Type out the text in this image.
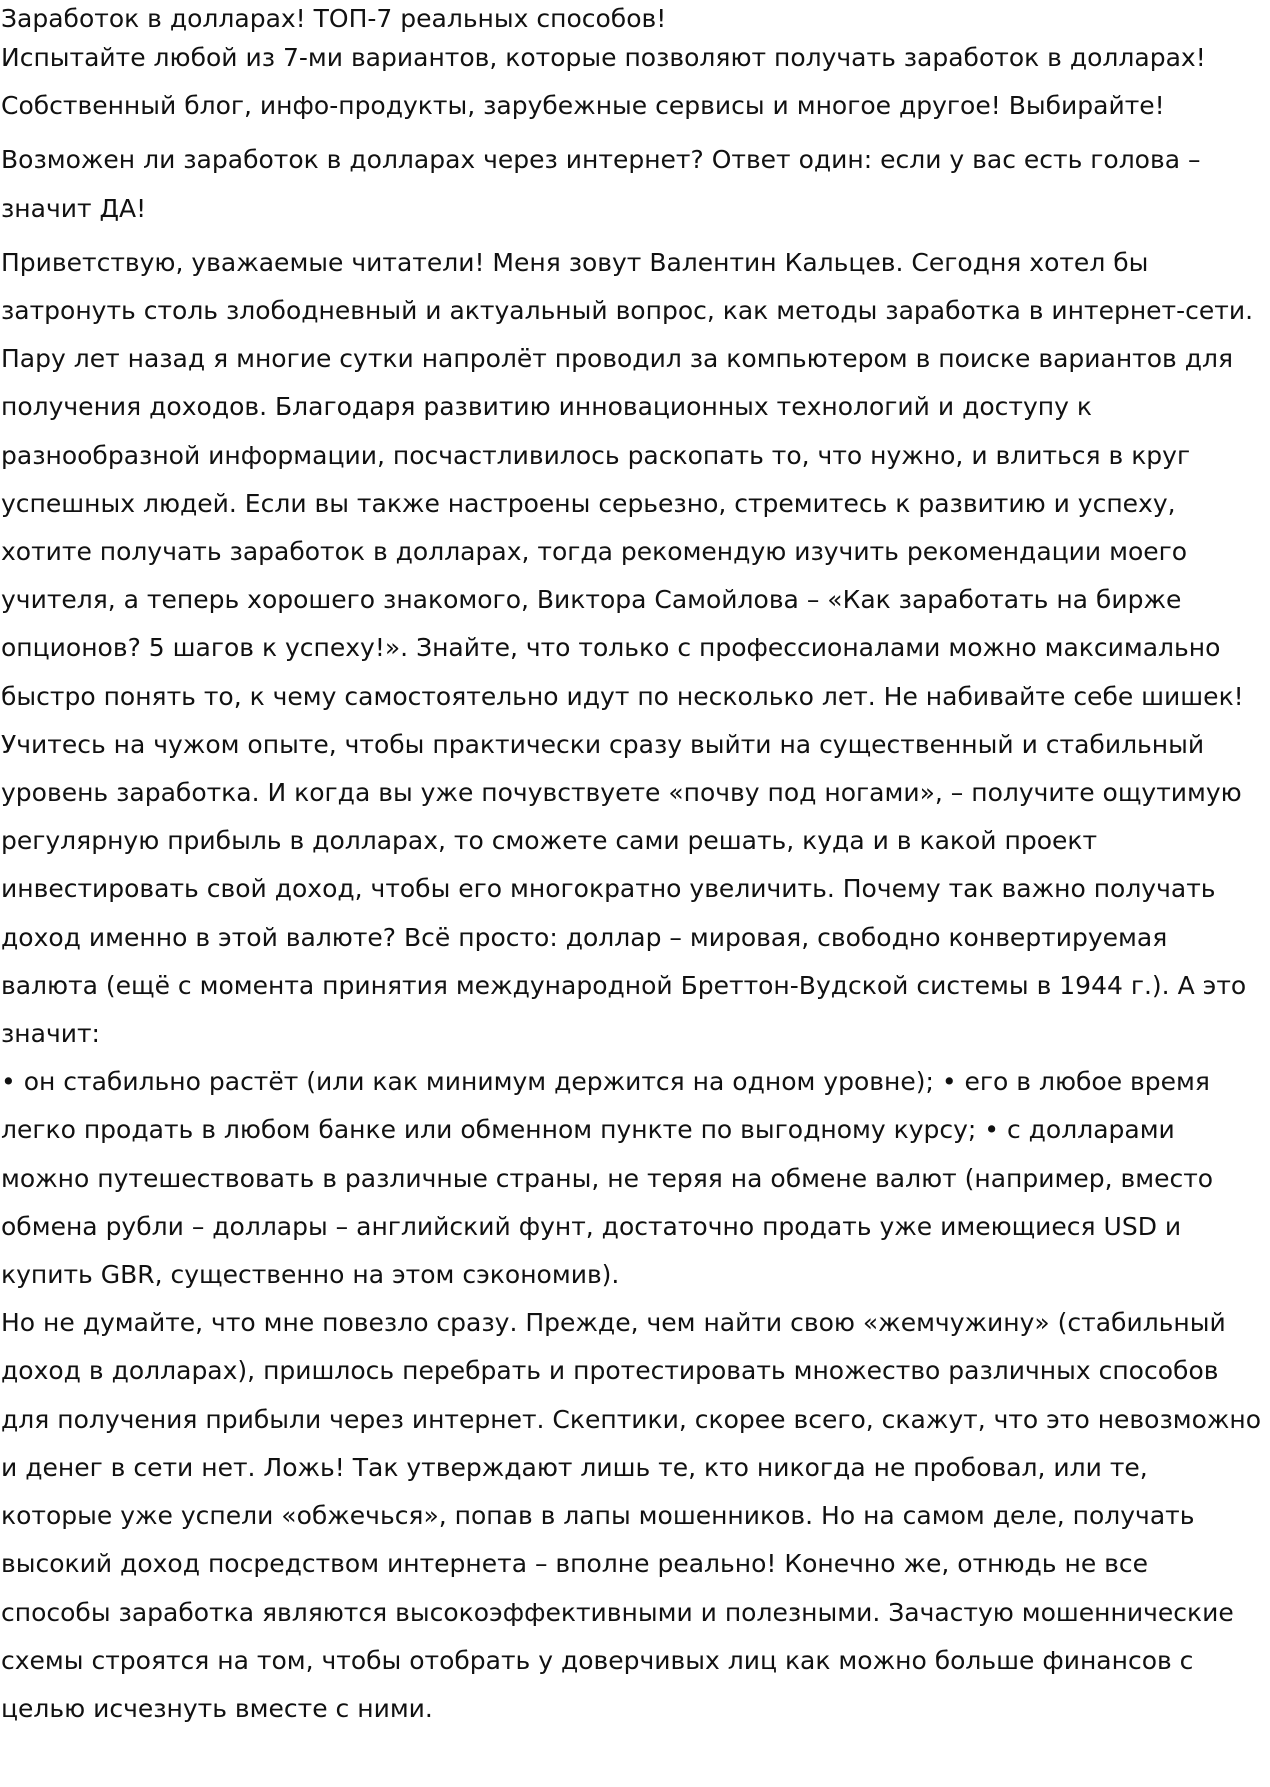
Заработок в долларах! ТОП-7 реальных способов!

Испытайте любой из 7-ми вариантов, которые позволяют получать заработок в долларах! Собственный блог, инфо-продукты, зарубежные сервисы и многое другое! Выбирайте!

Возможен ли заработок в долларах через интернет? Ответ один: если у вас есть голова – значит ДА!

Приветствую, уважаемые читатели! Меня зовут Валентин Кальцев. Сегодня хотел бы затронуть столь злободневный и актуальный вопрос, как методы заработка в интернет-сети. Пару лет назад я многие сутки напролёт проводил за компьютером в поиске вариантов для получения доходов. Благодаря развитию инновационных технологий и доступу к разнообразной информации, посчастливилось раскопать то, что нужно, и влиться в круг успешных людей. Если вы также настроены серьезно, стремитесь к развитию и успеху, хотите получать заработок в долларах, тогда рекомендую изучить рекомендации моего учителя, а теперь хорошего знакомого, Виктора Самойлова – «Как заработать на бирже опционов? 5 шагов к успеху!». Знайте, что только с профессионалами можно максимально быстро понять то, к чему самостоятельно идут по несколько лет. Не набивайте себе шишек! Учитесь на чужом опыте, чтобы практически сразу выйти на существенный и стабильный уровень заработка. И когда вы уже почувствуете «почву под ногами», – получите ощутимую регулярную прибыль в долларах, то сможете сами решать, куда и в какой проект инвестировать свой доход, чтобы его многократно увеличить. Почему так важно получать доход именно в этой валюте? Всё просто: доллар – мировая, свободно конвертируемая валюта (ещё с момента принятия международной Бреттон-Вудской системы в 1944 г.). А это значит:

• он стабильно растёт (или как минимум держится на одном уровне); • его в любое время легко продать в любом банке или обменном пункте по выгодному курсу; • с долларами можно путешествовать в различные страны, не теряя на обмене валют (например, вместо обмена рубли – доллары – английский фунт, достаточно продать уже имеющиеся USD и купить GBR, существенно на этом сэкономив).

Но не думайте, что мне повезло сразу. Прежде, чем найти свою «жемчужину» (стабильный доход в долларах), пришлось перебрать и протестировать множество различных способов для получения прибыли через интернет. Скептики, скорее всего, скажут, что это невозможно и денег в сети нет. Ложь! Так утверждают лишь те, кто никогда не пробовал, или те, которые уже успели «обжечься», попав в лапы мошенников. Но на самом деле, получать высокий доход посредством интернета – вполне реально! Конечно же, отнюдь не все способы заработка являются высокоэффективными и полезными. Зачастую мошеннические схемы строятся на том, чтобы отобрать у доверчивых лиц как можно больше финансов с целью исчезнуть вместе с ними.
